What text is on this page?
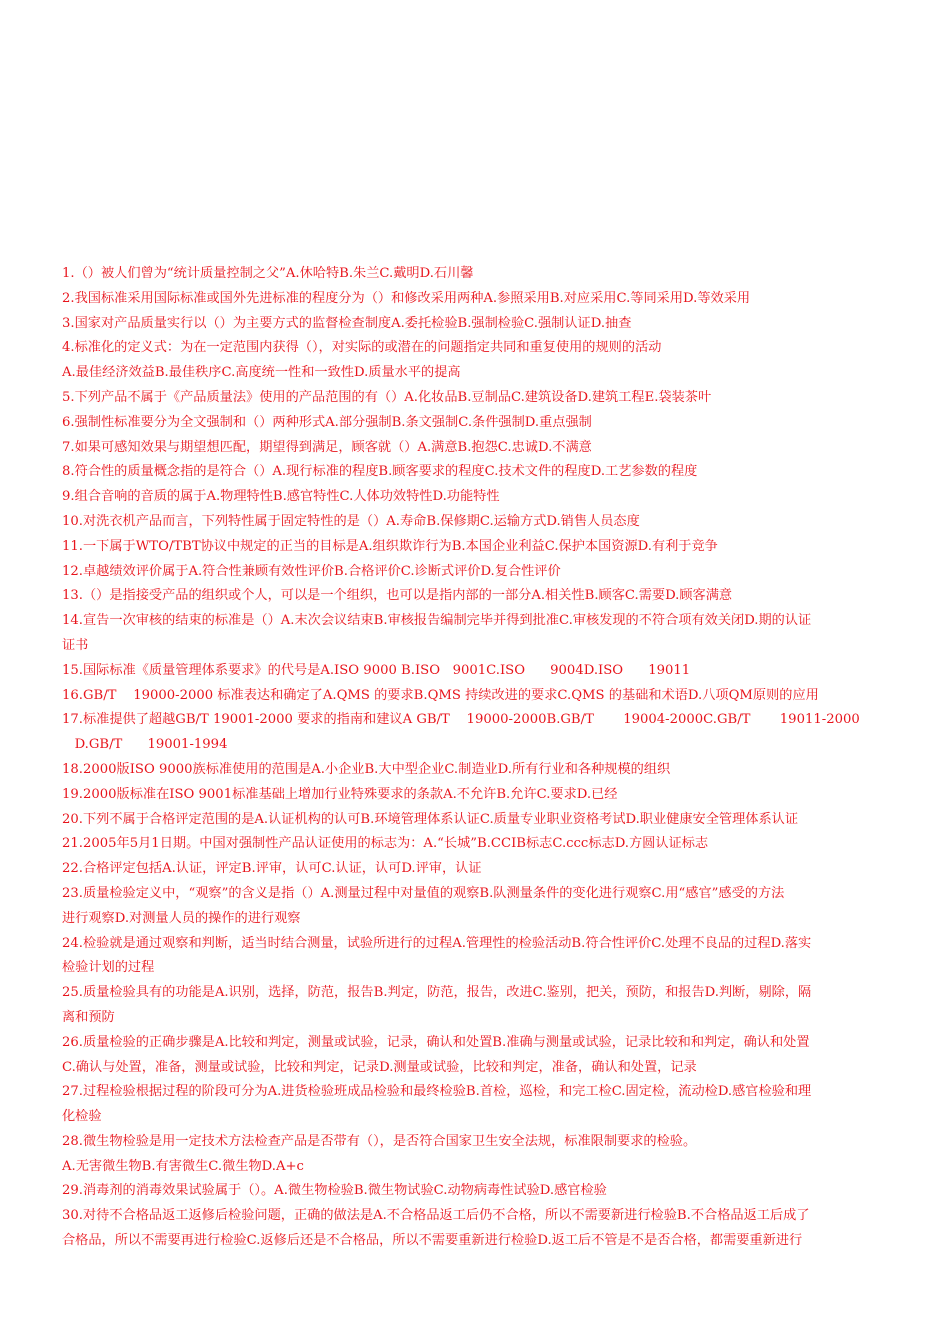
1.（）被人们曾为“统计质量控制之父”A.休哈特B.朱兰C.戴明D.石川馨
2.我国标准采用国际标准或国外先进标准的程度分为（）和修改采用两种A.参照采用B.对应采用C.等同采用D.等效采用
3.国家对产品质量实行以（）为主要方式的监督检查制度A.委托检验B.强制检验C.强制认证D.抽查
4.标准化的定义式：为在一定范围内获得（），对实际的或潜在的问题指定共同和重复使用的规则的活动
A.最佳经济效益B.最佳秩序C.高度统一性和一致性D.质量水平的提高
5.下列产品不属于《产品质量法》使用的产品范围的有（）A.化妆品B.豆制品C.建筑设备D.建筑工程E.袋装茶叶
6.强制性标准要分为全文强制和（）两种形式A.部分强制B.条文强制C.条件强制D.重点强制
7.如果可感知效果与期望想匹配，期望得到满足，顾客就（）A.满意B.抱怨C.忠诚D.不满意
8.符合性的质量概念指的是符合（）A.现行标准的程度B.顾客要求的程度C.技术文件的程度D.工艺参数的程度
9.组合音响的音质的属于A.物理特性B.感官特性C.人体功效特性D.功能特性
10.对洗衣机产品而言，下列特性属于固定特性的是（）A.寿命B.保修期C.运输方式D.销售人员态度
11.一下属于WTO/TBT协议中规定的正当的目标是A.组织欺诈行为B.本国企业利益C.保护本国资源D.有利于竞争
12.卓越绩效评价属于A.符合性兼顾有效性评价B.合格评价C.诊断式评价D.复合性评价
13.（）是指接受产品的组织或个人，可以是一个组织，也可以是指内部的一部分A.相关性B.顾客C.需要D.顾客满意
14.宣告一次审核的结束的标准是（）A.末次会议结束B.审核报告编制完毕并得到批准C.审核发现的不符合项有效关闭D.期的认证
证书
15.国际标准《质量管理体系要求》的代号是A.ISO 9000 B.ISO   9001C.ISO      9004D.ISO      19011
16.GB/T    19000-2000 标准表达和确定了A.QMS 的要求B.QMS 持续改进的要求C.QMS 的基础和术语D.八项QM原则的应用
17.标准提供了超越GB/T 19001-2000 要求的指南和建议A GB/T    19000-2000B.GB/T       19004-2000C.GB/T       19011-2000
D.GB/T      19001-1994
18.2000版ISO 9000族标准使用的范围是A.小企业B.大中型企业C.制造业D.所有行业和各种规模的组织
19.2000版标准在ISO 9001标准基础上增加行业特殊要求的条款A.不允许B.允许C.要求D.已经
20.下列不属于合格评定范围的是A.认证机构的认可B.环境管理体系认证C.质量专业职业资格考试D.职业健康安全管理体系认证
21.2005年5月1日期。中国对强制性产品认证使用的标志为：A.“长城”B.CCIB标志C.ccc标志D.方圆认证标志
22.合格评定包括A.认证，评定B.评审，认可C.认证，认可D.评审，认证
23.质量检验定义中，“观察”的含义是指（）A.测量过程中对量值的观察B.队测量条件的变化进行观察C.用“感官”感受的方法
进行观察D.对测量人员的操作的进行观察
24.检验就是通过观察和判断，适当时结合测量，试验所进行的过程A.管理性的检验活动B.符合性评价C.处理不良品的过程D.落实
检验计划的过程
25.质量检验具有的功能是A.识别，选择，防范，报告B.判定，防范，报告，改进C.鉴别，把关，预防，和报告D.判断，剔除，隔
离和预防
26.质量检验的正确步骤是A.比较和判定，测量或试验，记录，确认和处置B.准确与测量或试验，记录比较和和判定，确认和处置
C.确认与处置，准备，测量或试验，比较和判定，记录D.测量或试验，比较和判定，准备，确认和处置，记录
27.过程检验根据过程的阶段可分为A.进货检验班成品检验和最终检验B.首检，巡检，和完工检C.固定检，流动检D.感官检验和理
化检验
28.微生物检验是用一定技术方法检查产品是否带有（），是否符合国家卫生安全法规，标准限制要求的检验。
A.无害微生物B.有害微生C.微生物D.A+c
29.消毒剂的消毒效果试验属于（）。A.微生物检验B.微生物试验C.动物病毒性试验D.感官检验
30.对待不合格品返工返修后检验问题，正确的做法是A.不合格品返工后仍不合格，所以不需要新进行检验B.不合格品返工后成了
合格品，所以不需要再进行检验C.返修后还是不合格品，所以不需要重新进行检验D.返工后不管是不是否合格，都需要重新进行
